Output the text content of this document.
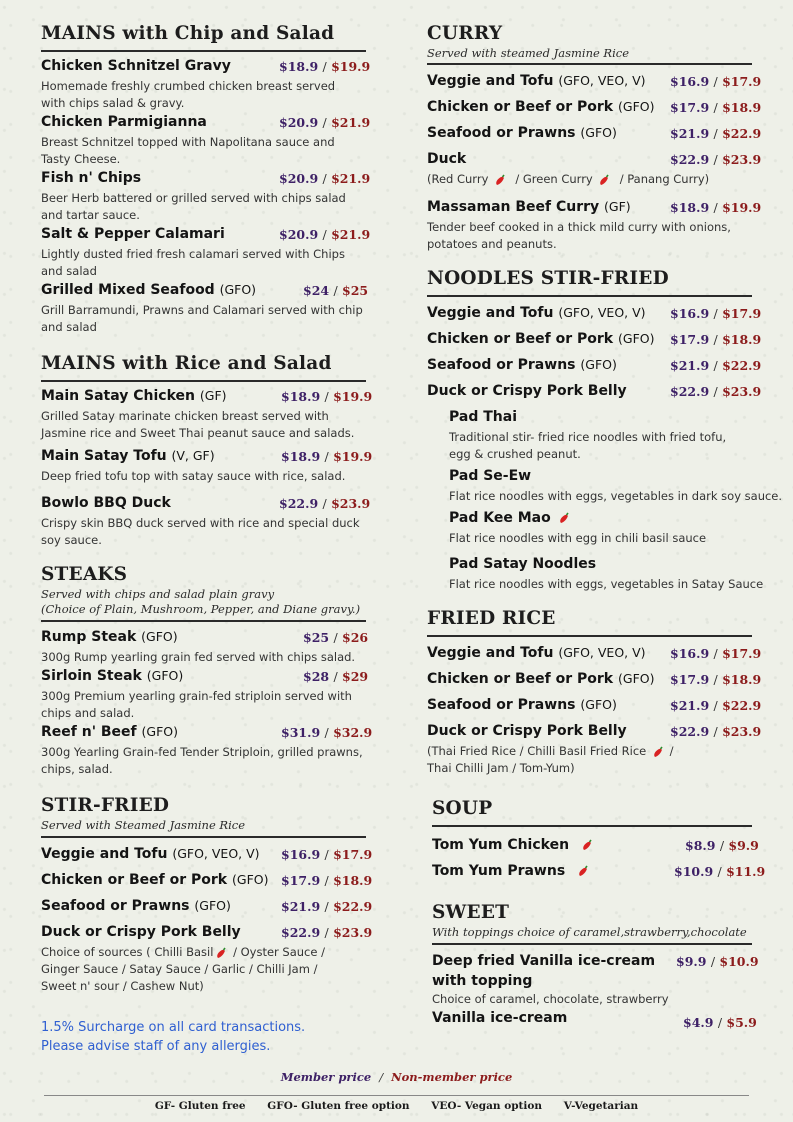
MAINS with Chip and Salad
Chicken Schnitzel Gravy	$18.9 / $19.9
Homemade freshly crumbed chicken breast served with chips salad & gravy.
Chicken Parmigianna	$20.9 / $21.9
Breast Schnitzel topped with Napolitana sauce and Tasty Cheese.
Fish n' Chips	$20.9 / $21.9
Beer Herb battered or grilled served with chips salad and tartar sauce.
Salt & Pepper Calamari	$20.9 / $21.9
Lightly dusted fried fresh calamari served with Chips and salad
Grilled Mixed Seafood (GFO)	$24 / $25
Grill Barramundi, Prawns and Calamari served with chip and salad
MAINS with Rice and Salad
Main Satay Chicken (GF)	$18.9 / $19.9
Grilled Satay marinate chicken breast served with Jasmine rice and Sweet Thai peanut sauce and salads.
Main Satay Tofu (V, GF)	$18.9 / $19.9
Deep fried tofu top with satay sauce with rice, salad.
Bowlo BBQ Duck	$22.9 / $23.9
Crispy skin BBQ duck served with rice and special duck soy sauce.
STEAKS
Served with chips and salad plain gravy
(Choice of Plain, Mushroom, Pepper, and Diane gravy.)
Rump Steak (GFO)	$25 / $26
300g Rump yearling grain fed served with chips salad.
Sirloin Steak (GFO)	$28 / $29
300g Premium yearling grain-fed striploin served with chips and salad.
Reef n' Beef (GFO)	$31.9 / $32.9
300g Yearling Grain-fed Tender Striploin, grilled prawns, chips, salad.
STIR-FRIED
Served with Steamed Jasmine Rice
Veggie and Tofu (GFO, VEO, V) $16.9 / $17.9
Chicken or Beef or Pork (GFO) $17.9 / $18.9
Seafood or Prawns (GFO)	$21.9 / $22.9
Duck or Crispy Pork Belly	$22.9 / $23.9
Choice of sources ( Chilli Basil / Oyster Sauce /
Ginger Sauce / Satay Sauce / Garlic / Chilli Jam /
Sweet n' sour / Cashew Nut)
CURRY
Served with steamed Jasmine Rice
Veggie and Tofu (GFO, VEO, V) $16.9 / $17.9
Chicken or Beef or Pork (GFO) $17.9 / $18.9
Seafood or Prawns (GFO)	$21.9 / $22.9
Duck	$22.9 / $23.9
(Red Curry / Green Curry / Panang Curry)
Massaman Beef Curry (GF)	$18.9 / $19.9
Tender beef cooked in a thick mild curry with onions, potatoes and peanuts.
NOODLES STIR-FRIED
Veggie and Tofu (GFO, VEO, V) $16.9 / $17.9
Chicken or Beef or Pork (GFO) $17.9 / $18.9
Seafood or Prawns (GFO)	$21.9 / $22.9
Duck or Crispy Pork Belly	$22.9 / $23.9
Pad Thai
Traditional stir- fried rice noodles with fried tofu, egg & crushed peanut.
Pad Se-Ew
Flat rice noodles with eggs, vegetables in dark soy sauce.
Pad Kee Mao
Flat rice noodles with egg in chili basil sauce
Pad Satay Noodles
Flat rice noodles with eggs, vegetables in Satay Sauce
FRIED RICE
Veggie and Tofu (GFO, VEO, V) $16.9 / $17.9
Chicken or Beef or Pork (GFO) $17.9 / $18.9
Seafood or Prawns (GFO)	$21.9 / $22.9
Duck or Crispy Pork Belly	$22.9 / $23.9
(Thai Fried Rice / Chilli Basil Fried Rice /
Thai Chilli Jam / Tom-Yum)
SOUP
Tom Yum Chicken	$8.9 / $9.9
Tom Yum Prawns	$10.9 / $11.9
SWEET
With toppings choice of caramel,strawberry,chocolate
Deep fried Vanilla ice-cream
with topping
$9.9 / $10.9
Choice of caramel, chocolate, strawberry
Vanilla ice-cream	$4.9 / $5.9
1.5% Surcharge on all card transactions.
Please advise staff of any allergies.
Member price / Non-member price
GF- Gluten free GFO- Gluten free option VEO- Vegan option V-Vegetarian
